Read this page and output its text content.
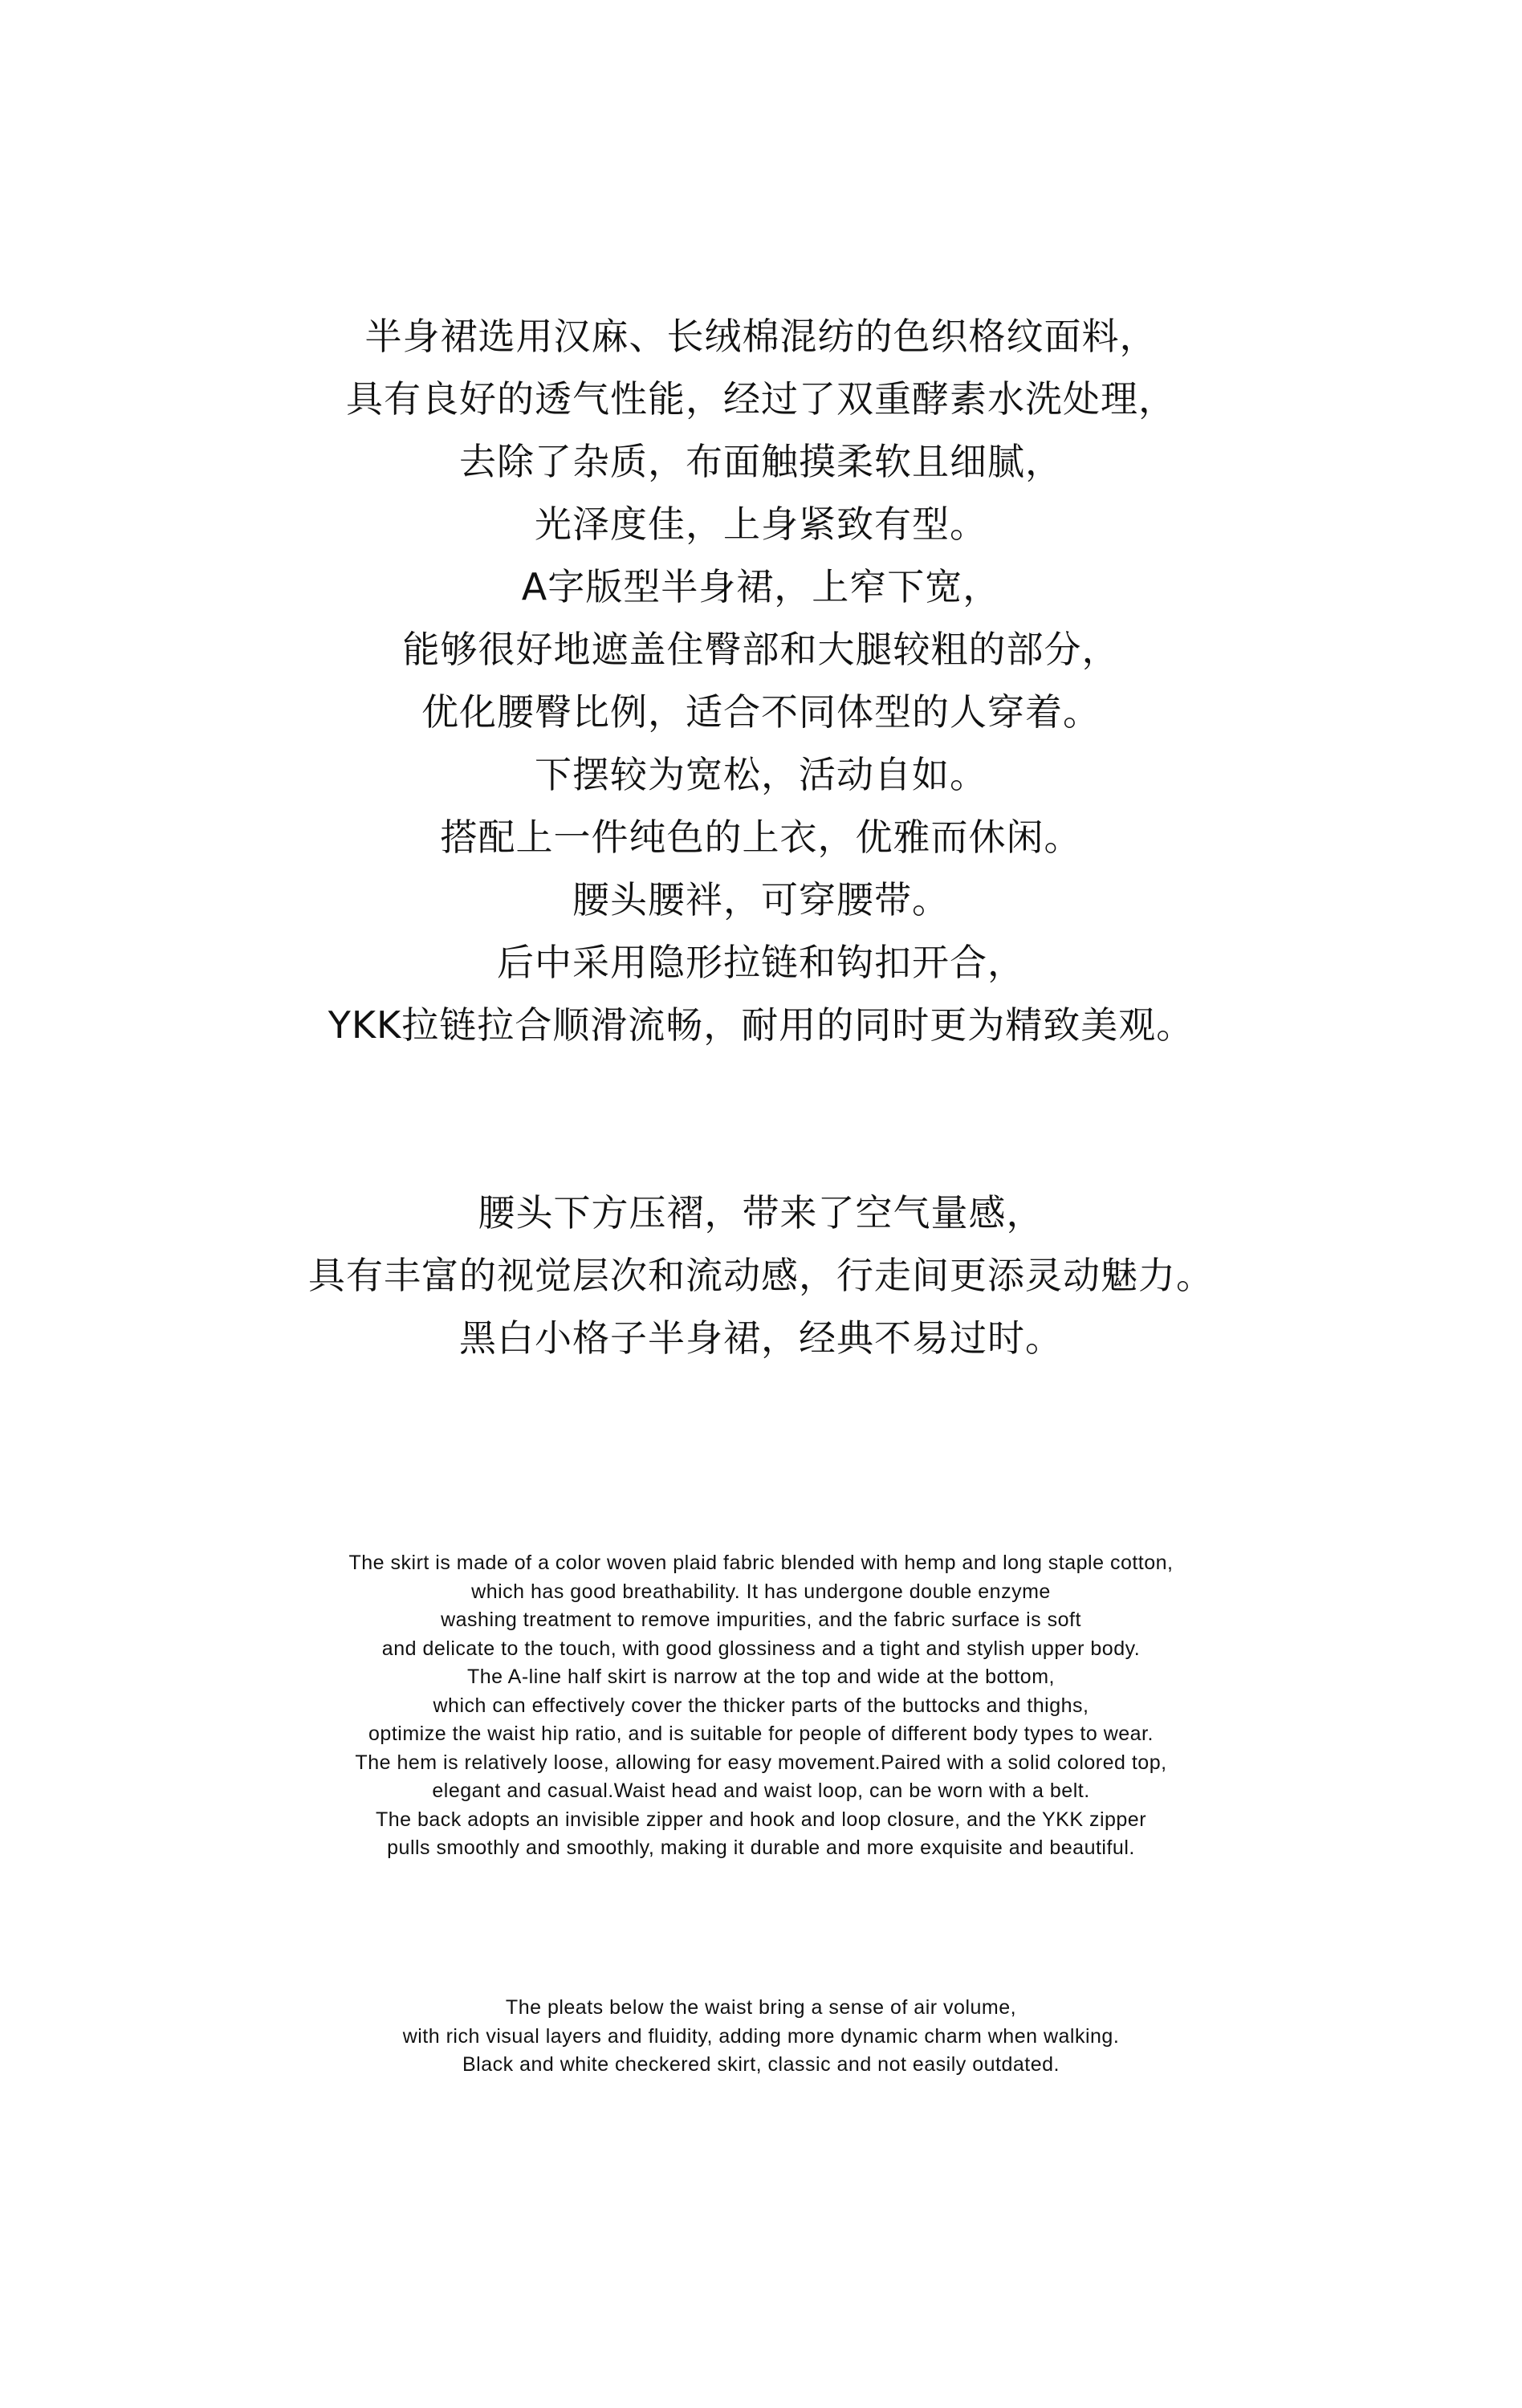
半身裙选用汉麻、长绒棉混纺的色织格纹面料，
具有良好的透气性能，经过了双重酵素水洗处理，
去除了杂质，布面触摸柔软且细腻，
光泽度佳，上身紧致有型。
A字版型半身裙，上窄下宽，
能够很好地遮盖住臀部和大腿较粗的部分，
优化腰臀比例，适合不同体型的人穿着。
下摆较为宽松，活动自如。
搭配上一件纯色的上衣，优雅而休闲。
腰头腰袢，可穿腰带。
后中采用隐形拉链和钩扣开合，
YKK拉链拉合顺滑流畅，耐用的同时更为精致美观。
腰头下方压褶，带来了空气量感，
具有丰富的视觉层次和流动感，行走间更添灵动魅力。
黑白小格子半身裙，经典不易过时。
The skirt is made of a color woven plaid fabric blended with hemp and long staple cotton,
which has good breathability. It has undergone double enzyme
washing treatment to remove impurities, and the fabric surface is soft
and delicate to the touch, with good glossiness and a tight and stylish upper body.
The A-line half skirt is narrow at the top and wide at the bottom,
which can effectively cover the thicker parts of the buttocks and thighs,
optimize the waist hip ratio, and is suitable for people of different body types to wear.
The hem is relatively loose, allowing for easy movement.Paired with a solid colored top,
elegant and casual.Waist head and waist loop, can be worn with a belt.
The back adopts an invisible zipper and hook and loop closure, and the YKK zipper
pulls smoothly and smoothly, making it durable and more exquisite and beautiful.
The pleats below the waist bring a sense of air volume,
with rich visual layers and fluidity, adding more dynamic charm when walking.
Black and white checkered skirt, classic and not easily outdated.
